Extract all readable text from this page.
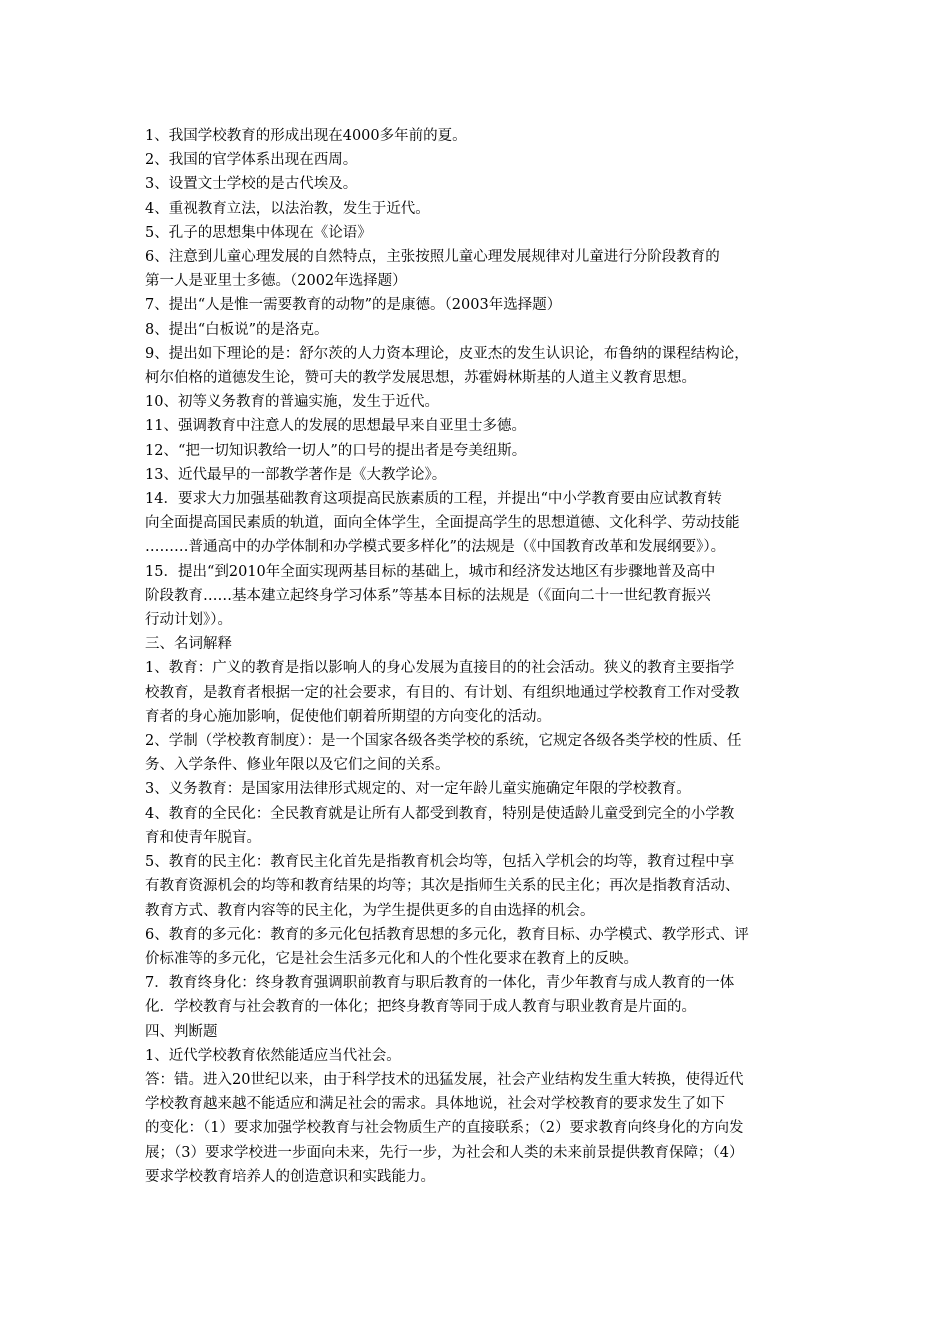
1、我国学校教育的形成出现在4000多年前的夏。
2、我国的官学体系出现在西周。
3、设置文士学校的是古代埃及。
4、重视教育立法，以法治教，发生于近代。
5、孔子的思想集中体现在《论语》
6、注意到儿童心理发展的自然特点，主张按照儿童心理发展规律对儿童进行分阶段教育的
第一人是亚里士多德。（2002年选择题）
7、提出“人是惟一需要教育的动物”的是康德。（2003年选择题）
8、提出“白板说”的是洛克。
9、提出如下理论的是：舒尔茨的人力资本理论，皮亚杰的发生认识论，布鲁纳的课程结构论，
柯尔伯格的道德发生论，赞可夫的教学发展思想，苏霍姆林斯基的人道主义教育思想。
10、初等义务教育的普遍实施，发生于近代。
11、强调教育中注意人的发展的思想最早来自亚里士多德。
12、“把一切知识教给一切人”的口号的提出者是夸美纽斯。
13、近代最早的一部教学著作是《大教学论》。
14．要求大力加强基础教育这项提高民族素质的工程，并提出“中小学教育要由应试教育转
向全面提高国民素质的轨道，面向全体学生，全面提高学生的思想道德、文化科学、劳动技能
………普通高中的办学体制和办学模式要多样化”的法规是（《中国教育改革和发展纲要》）。
15．提出“到2010年全面实现两基目标的基础上，城市和经济发达地区有步骤地普及高中
阶段教育……基本建立起终身学习体系”等基本目标的法规是（《面向二十一世纪教育振兴
行动计划》）。
三、名词解释
1、教育：广义的教育是指以影响人的身心发展为直接目的的社会活动。狭义的教育主要指学
校教育，是教育者根据一定的社会要求，有目的、有计划、有组织地通过学校教育工作对受教
育者的身心施加影响，促使他们朝着所期望的方向变化的活动。
2、学制（学校教育制度）：是一个国家各级各类学校的系统，它规定各级各类学校的性质、任
务、入学条件、修业年限以及它们之间的关系。
3、义务教育：是国家用法律形式规定的、对一定年龄儿童实施确定年限的学校教育。
4、教育的全民化：全民教育就是让所有人都受到教育，特别是使适龄儿童受到完全的小学教
育和使青年脱盲。
5、教育的民主化：教育民主化首先是指教育机会均等，包括入学机会的均等，教育过程中享
有教育资源机会的均等和教育结果的均等；其次是指师生关系的民主化；再次是指教育活动、
教育方式、教育内容等的民主化，为学生提供更多的自由选择的机会。
6、教育的多元化：教育的多元化包括教育思想的多元化，教育目标、办学模式、教学形式、评
价标准等的多元化，它是社会生活多元化和人的个性化要求在教育上的反映。
7．教育终身化：终身教育强调职前教育与职后教育的一体化，青少年教育与成人教育的一体
化．学校教育与社会教育的一体化；把终身教育等同于成人教育与职业教育是片面的。
四、判断题
1、近代学校教育依然能适应当代社会。
答：错。进入20世纪以来，由于科学技术的迅猛发展，社会产业结构发生重大转换，使得近代
学校教育越来越不能适应和满足社会的需求。具体地说，社会对学校教育的要求发生了如下
的变化：（1）要求加强学校教育与社会物质生产的直接联系；（2）要求教育向终身化的方向发
展；（3）要求学校进一步面向未来，先行一步，为社会和人类的未来前景提供教育保障；（4）
要求学校教育培养人的创造意识和实践能力。
